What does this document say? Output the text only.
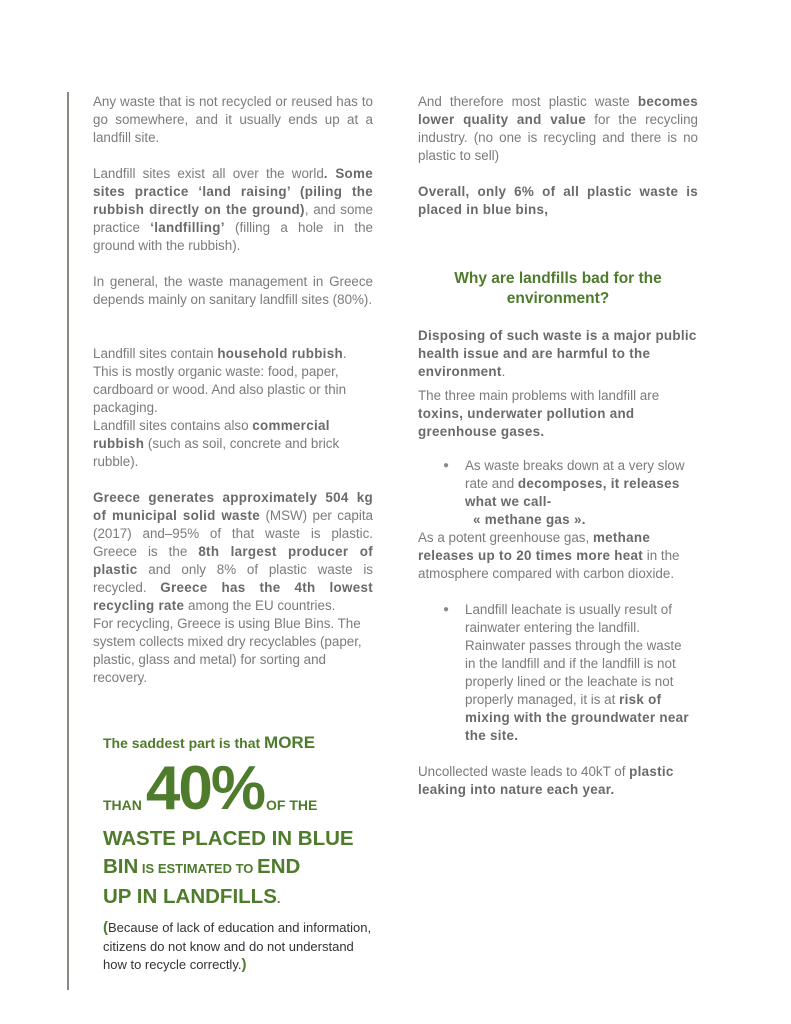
Any waste that is not recycled or reused has to go somewhere, and it usually ends up at a landfill site.

Landfill sites exist all over the world. Some sites practice ‘land raising’ (piling the rubbish directly on the ground), and some practice ‘landfilling’ (filling a hole in the ground with the rubbish).

In general, the waste management in Greece depends mainly on sanitary landfill sites (80%).

Landfill sites contain household rubbish. This is mostly organic waste: food, paper, cardboard or wood. And also plastic or thin packaging.

Landfill sites contains also commercial rubbish (such as soil, concrete and brick rubble).

Greece generates approximately 504 kg of municipal solid waste (MSW) per capita (2017) and–95% of that waste is plastic. Greece is the 8th largest producer of plastic and only 8% of plastic waste is recycled. Greece has the 4th lowest recycling rate among the EU countries.

For recycling, Greece is using Blue Bins. The system collects mixed dry recyclables (paper, plastic, glass and metal) for sorting and recovery.

The saddest part is that MORE
THAN 40% OF THE
WASTE PLACED IN BLUE
BIN IS ESTIMATED TO END
UP IN LANDFILLS.

(Because of lack of education and information, citizens do not know and do not understand how to recycle correctly.)

And therefore most plastic waste becomes lower quality and value for the recycling industry. (no one is recycling and there is no plastic to sell)

Overall, only 6% of all plastic waste is placed in blue bins,

Why are landfills bad for the environment?

Disposing of such waste is a major public health issue and are harmful to the environment.

The three main problems with landfill are toxins, underwater pollution and greenhouse gases.

● As waste breaks down at a very slow rate and decomposes, it releases what we call-
« methane gas ».

As a potent greenhouse gas, methane releases up to 20 times more heat in the atmosphere compared with carbon dioxide.

● Landfill leachate is usually result of rainwater entering the landfill. Rainwater passes through the waste in the landfill and if the landfill is not properly lined or the leachate is not properly managed, it is at risk of mixing with the groundwater near the site.

Uncollected waste leads to 40kT of plastic leaking into nature each year.
